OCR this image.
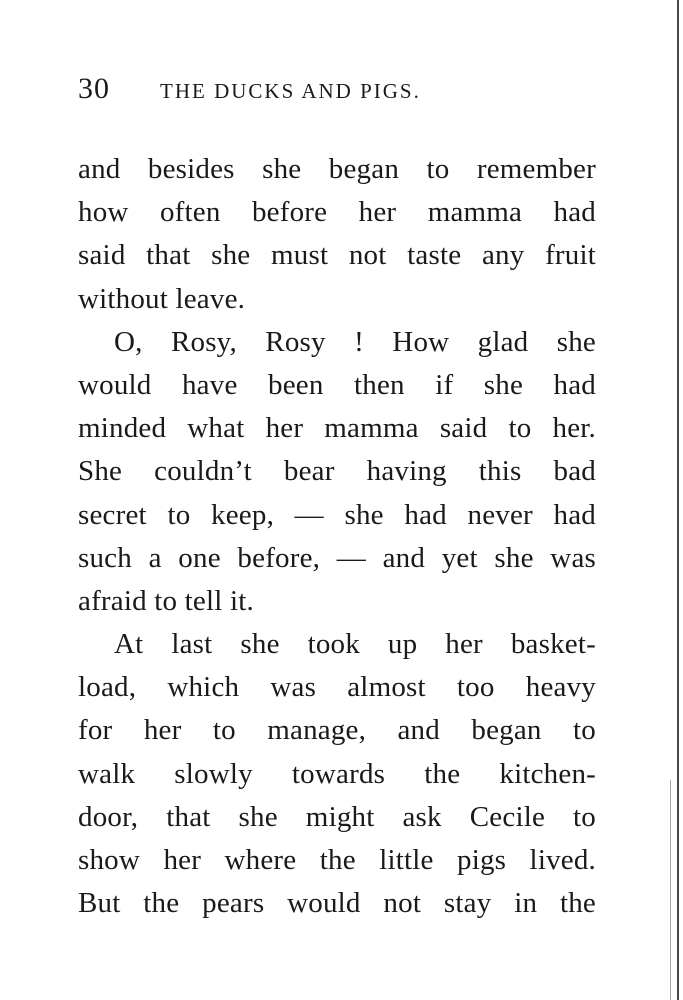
30	THE DUCKS AND PIGS.
and besides she began to remember
how often before her mamma had
said that she must not taste any fruit
without leave.
O, Rosy, Rosy ! How glad she
would have been then if she had
minded what her mamma said to her.
She couldn’t bear having this bad
secret to keep, — she had never had
such a one before, — and yet she was
afraid to tell it.
At last she took up her basket-
load, which was almost too heavy
for her to manage, and began to
walk slowly towards the kitchen-
door, that she might ask Cecile to
show her where the little pigs lived.
But the pears would not stay in the
